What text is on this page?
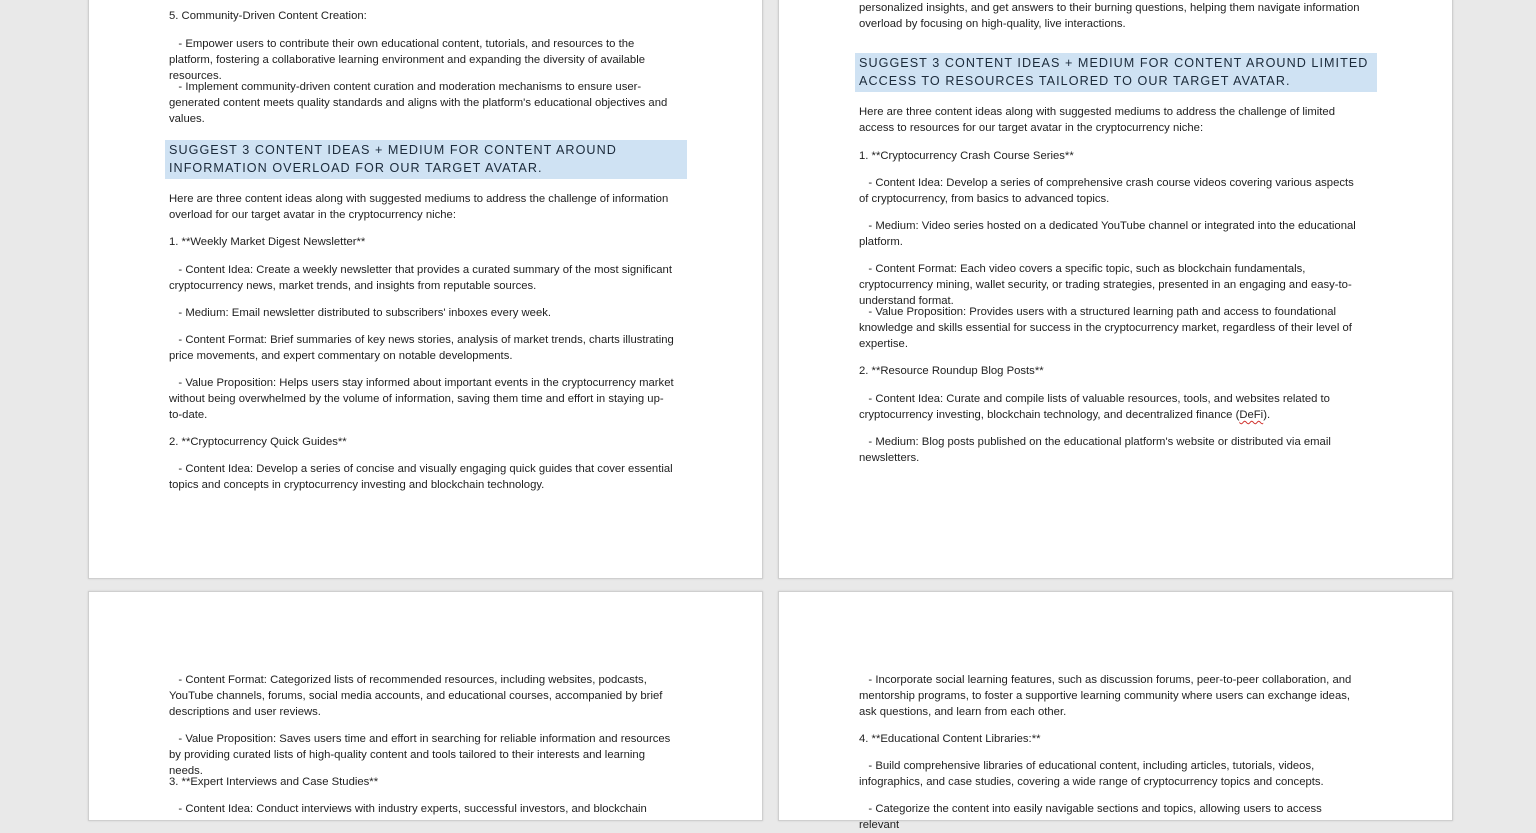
5. Community-Driven Content Creation:

- Empower users to contribute their own educational content, tutorials, and resources to the platform, fostering a collaborative learning environment and expanding the diversity of available resources.

- Implement community-driven content curation and moderation mechanisms to ensure user-generated content meets quality standards and aligns with the platform's educational objectives and values.

SUGGEST 3 CONTENT IDEAS + MEDIUM FOR CONTENT AROUND INFORMATION OVERLOAD FOR OUR TARGET AVATAR.

Here are three content ideas along with suggested mediums to address the challenge of information overload for our target avatar in the cryptocurrency niche:

1. **Weekly Market Digest Newsletter**

- Content Idea: Create a weekly newsletter that provides a curated summary of the most significant cryptocurrency news, market trends, and insights from reputable sources.

- Medium: Email newsletter distributed to subscribers' inboxes every week.

- Content Format: Brief summaries of key news stories, analysis of market trends, charts illustrating price movements, and expert commentary on notable developments.

- Value Proposition: Helps users stay informed about important events in the cryptocurrency market without being overwhelmed by the volume of information, saving them time and effort in staying up-to-date.

2. **Cryptocurrency Quick Guides**

- Content Idea: Develop a series of concise and visually engaging quick guides that cover essential topics and concepts in cryptocurrency investing and blockchain technology.

personalized insights, and get answers to their burning questions, helping them navigate information overload by focusing on high-quality, live interactions.

SUGGEST 3 CONTENT IDEAS + MEDIUM FOR CONTENT AROUND LIMITED ACCESS TO RESOURCES TAILORED TO OUR TARGET AVATAR.

Here are three content ideas along with suggested mediums to address the challenge of limited access to resources for our target avatar in the cryptocurrency niche:

1. **Cryptocurrency Crash Course Series**

- Content Idea: Develop a series of comprehensive crash course videos covering various aspects of cryptocurrency, from basics to advanced topics.

- Medium: Video series hosted on a dedicated YouTube channel or integrated into the educational platform.

- Content Format: Each video covers a specific topic, such as blockchain fundamentals, cryptocurrency mining, wallet security, or trading strategies, presented in an engaging and easy-to-understand format.

- Value Proposition: Provides users with a structured learning path and access to foundational knowledge and skills essential for success in the cryptocurrency market, regardless of their level of expertise.

2. **Resource Roundup Blog Posts**

- Content Idea: Curate and compile lists of valuable resources, tools, and websites related to cryptocurrency investing, blockchain technology, and decentralized finance (DeFi).

- Medium: Blog posts published on the educational platform's website or distributed via email newsletters.

- Content Format: Categorized lists of recommended resources, including websites, podcasts, YouTube channels, forums, social media accounts, and educational courses, accompanied by brief descriptions and user reviews.

- Value Proposition: Saves users time and effort in searching for reliable information and resources by providing curated lists of high-quality content and tools tailored to their interests and learning needs.

3. **Expert Interviews and Case Studies**

- Content Idea: Conduct interviews with industry experts, successful investors, and blockchain

- Incorporate social learning features, such as discussion forums, peer-to-peer collaboration, and mentorship programs, to foster a supportive learning community where users can exchange ideas, ask questions, and learn from each other.

4. **Educational Content Libraries:**

- Build comprehensive libraries of educational content, including articles, tutorials, videos, infographics, and case studies, covering a wide range of cryptocurrency topics and concepts.

- Categorize the content into easily navigable sections and topics, allowing users to access relevant
